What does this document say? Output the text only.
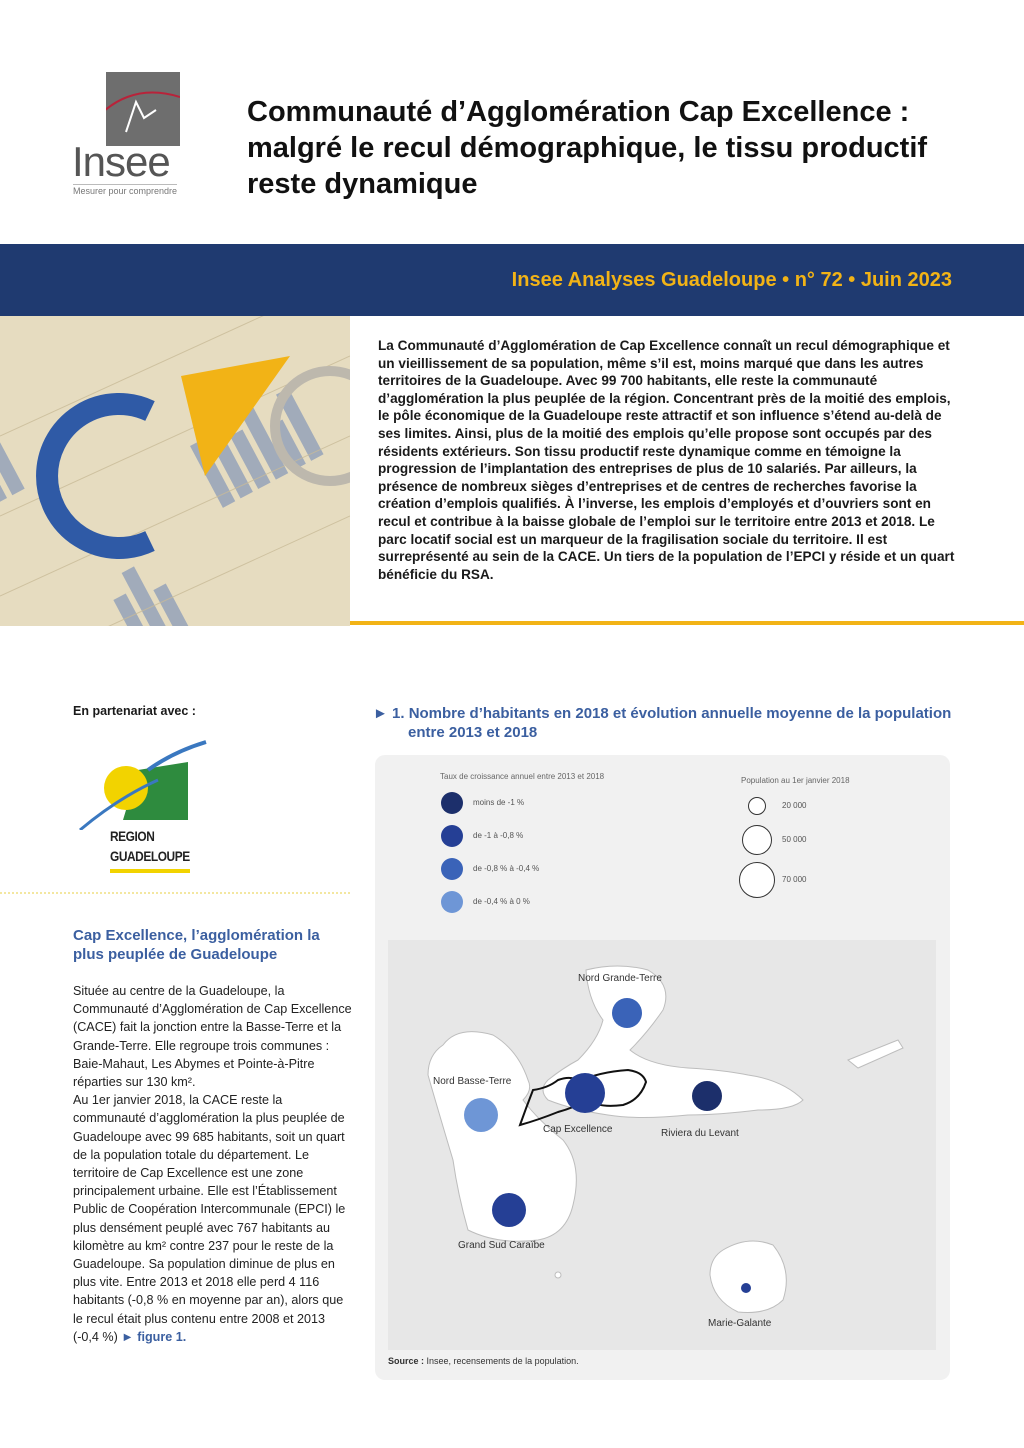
Insee
Mesurer pour comprendre
Communauté d’Agglomération Cap Excellence : malgré le recul démographique, le tissu productif reste dynamique
Insee Analyses Guadeloupe • n° 72 • Juin 2023

La Communauté d’Agglomération de Cap Excellence connaît un recul démographique et un vieillissement de sa population, même s’il est, moins marqué que dans les autres territoires de la Guadeloupe. Avec 99 700 habitants, elle reste la communauté d’agglomération la plus peuplée de la région. Concentrant près de la moitié des emplois, le pôle économique de la Guadeloupe reste attractif et son influence s’étend au-delà de ses limites. Ainsi, plus de la moitié des emplois qu’elle propose sont occupés par des résidents extérieurs. Son tissu productif reste dynamique comme en témoigne la progression de l’implantation des entreprises de plus de 10 salariés. Par ailleurs, la présence de nombreux sièges d’entreprises et de centres de recherches favorise la création d’emplois qualifiés. À l’inverse, les emplois d’employés et d’ouvriers sont en recul et contribue à la baisse globale de l’emploi sur le territoire entre 2013 et 2018. Le parc locatif social est un marqueur de la fragilisation sociale du territoire. Il est surreprésenté au sein de la CACE. Un tiers de la population de l’EPCI y réside et un quart bénéficie du RSA.

En partenariat avec :
REGION
GUADELOUPE
Cap Excellence, l’agglomération la plus peuplée de Guadeloupe
Située au centre de la Guadeloupe, la Communauté d’Agglomération de Cap Excellence (CACE) fait la jonction entre la Basse-Terre et la Grande-Terre. Elle regroupe trois communes : Baie-Mahaut, Les Abymes et Pointe-à-Pitre réparties sur 130 km².
Au 1er janvier 2018, la CACE reste la communauté d’agglomération la plus peuplée de Guadeloupe avec 99 685 habitants, soit un quart de la population totale du département. Le territoire de Cap Excellence est une zone principalement urbaine. Elle est l’Établissement Public de Coopération Intercommunale (EPCI) le plus densément peuplé avec 767 habitants au kilomètre au km² contre 237 pour le reste de la Guadeloupe. Sa population diminue de plus en plus vite. Entre 2013 et 2018 elle perd 4 116 habitants (-0,8 % en moyenne par an), alors que le recul était plus contenu entre 2008 et 2013 (-0,4 %) ► figure 1.
► 1. Nombre d’habitants en 2018 et évolution annuelle moyenne de la population entre 2013 et 2018
Taux de croissance annuel entre 2013 et 2018
moins de -1 %
de -1 à -0,8 %
de -0,8 % à -0,4 %
de -0,4 % à 0 %
Population au 1er janvier 2018
20 000
50 000
70 000
Nord Grande-Terre
Nord Basse-Terre
Cap Excellence	Riviera du Levant
Grand Sud Caraïbe
Marie-Galante
Source : Insee, recensements de la population.
